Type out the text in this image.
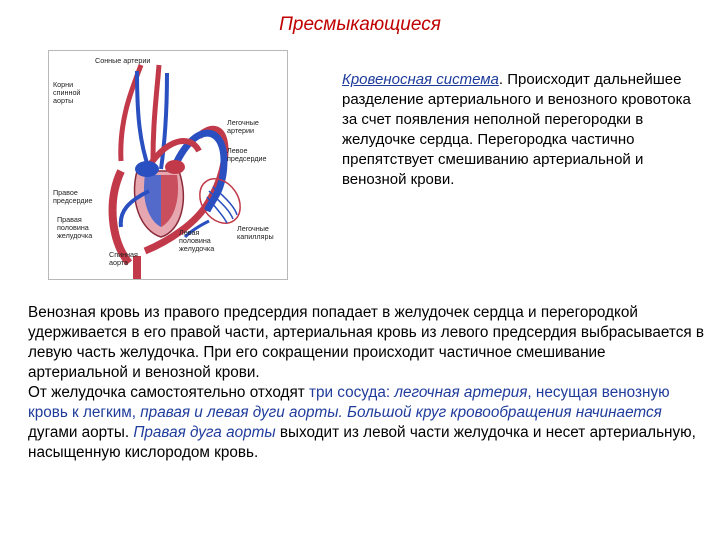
Пресмыкающиеся
Сонные артерии
Корни
спинной
аорты
Легочные
артерии
Левое
предсердие
Правое
предсердие
Правая
половина
желудочка	Левая
половина
желудочка
Легочные
капилляры
Спинная
аорта
Кровеносная система. Происходит дальнейшее разделение артериального и венозного кровотока за счет появления неполной перегородки в желудочке сердца. Перегородка частично препятствует смешиванию артериальной и венозной крови.

Венозная кровь из правого предсердия попадает в желудочек сердца и перегородкой удерживается в его правой части, артериальная кровь из левого предсердия выбрасывается в левую часть желудочка. При его сокращении происходит частичное смешивание артериальной и венозной крови.

От желудочка самостоятельно отходят три сосуда: легочная артерия, несущая венозную кровь к легким, правая и левая дуги аорты. Большой круг кровообращения начинается дугами аорты. Правая дуга аорты выходит из левой части желудочка и несет артериальную, насыщенную кислородом кровь.
